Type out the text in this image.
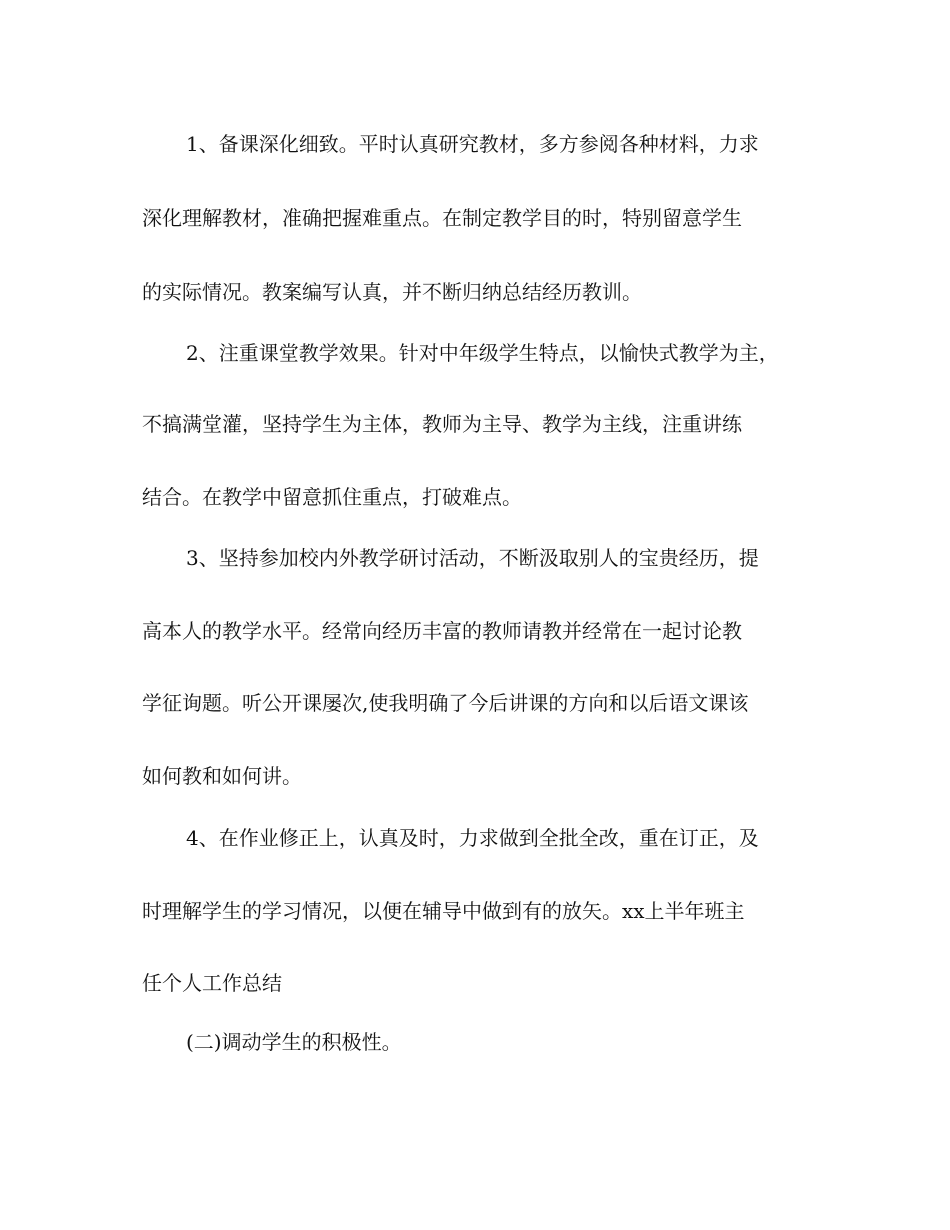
1、备课深化细致。平时认真研究教材，多方参阅各种材料，力求
深化理解教材，准确把握难重点。在制定教学目的时，特别留意学生
的实际情况。教案编写认真，并不断归纳总结经历教训。
2、注重课堂教学效果。针对中年级学生特点，以愉快式教学为主，
不搞满堂灌，坚持学生为主体，教师为主导、教学为主线，注重讲练
结合。在教学中留意抓住重点，打破难点。
3、坚持参加校内外教学研讨活动，不断汲取别人的宝贵经历，提
高本人的教学水平。经常向经历丰富的教师请教并经常在一起讨论教
学征询题。听公开课屡次,使我明确了今后讲课的方向和以后语文课该
如何教和如何讲。
4、在作业修正上，认真及时，力求做到全批全改，重在订正，及
时理解学生的学习情况，以便在辅导中做到有的放矢。xx上半年班主
任个人工作总结
(二)调动学生的积极性。
